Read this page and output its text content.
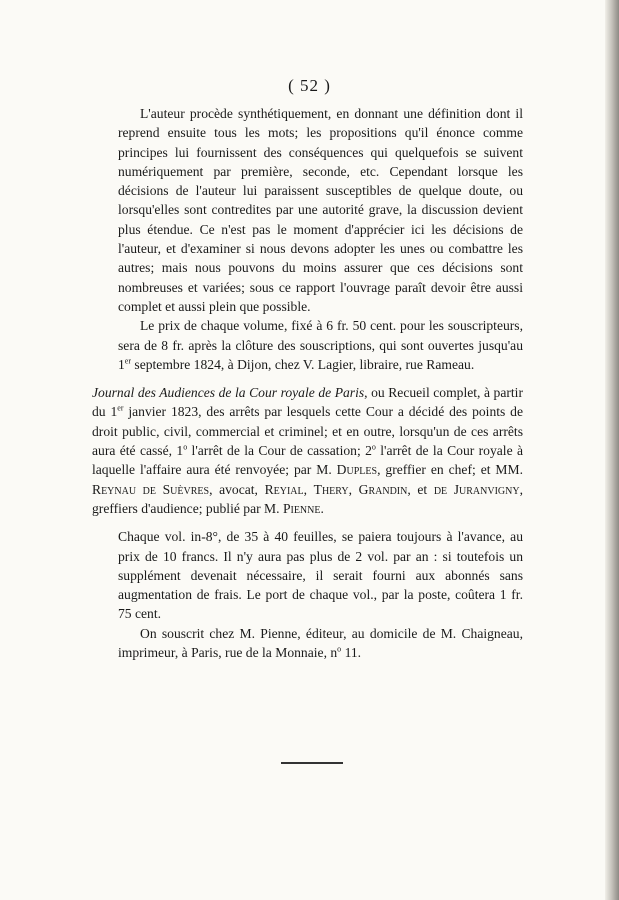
( 52 )

L'auteur procède synthétiquement, en donnant une définition dont il reprend ensuite tous les mots; les propositions qu'il énonce comme principes lui fournissent des conséquences qui quelquefois se suivent numériquement par première, seconde, etc. Cependant lorsque les décisions de l'auteur lui paraissent susceptibles de quelque doute, ou lorsqu'elles sont contredites par une autorité grave, la discussion devient plus étendue. Ce n'est pas le moment d'apprécier ici les décisions de l'auteur, et d'examiner si nous devons adopter les unes ou combattre les autres; mais nous pouvons du moins assurer que ces décisions sont nombreuses et variées; sous ce rapport l'ouvrage paraît devoir être aussi complet et aussi plein que possible.

Le prix de chaque volume, fixé à 6 fr. 50 cent. pour les souscripteurs, sera de 8 fr. après la clôture des souscriptions, qui sont ouvertes jusqu'au 1er septembre 1824, à Dijon, chez V. Lagier, libraire, rue Rameau.

Journal des Audiences de la Cour royale de Paris, ou Recueil complet, à partir du 1er janvier 1823, des arrêts par lesquels cette Cour a décidé des points de droit public, civil, commercial et criminel; et en outre, lorsqu'un de ces arrêts aura été cassé, 1$^o$ l'arrêt de la Cour de cassation; 2$^o$ l'arrêt de la Cour royale à laquelle l'affaire aura été renvoyée; par M. Duples, greffier en chef; et MM. Reynau de Suèvres, avocat, Reyial, Thery, Grandin, et de Juranvigny, greffiers d'audience; publié par M. Pienne.

Chaque vol. in-8°, de 35 à 40 feuilles, se paiera toujours à l'avance, au prix de 10 francs. Il n'y aura pas plus de 2 vol. par an : si toutefois un supplément devenait nécessaire, il serait fourni aux abonnés sans augmentation de frais. Le port de chaque vol., par la poste, coûtera 1 fr. 75 cent.

On souscrit chez M. Pienne, éditeur, au domicile de M. Chaigneau, imprimeur, à Paris, rue de la Monnaie, $n^o$ 11.
